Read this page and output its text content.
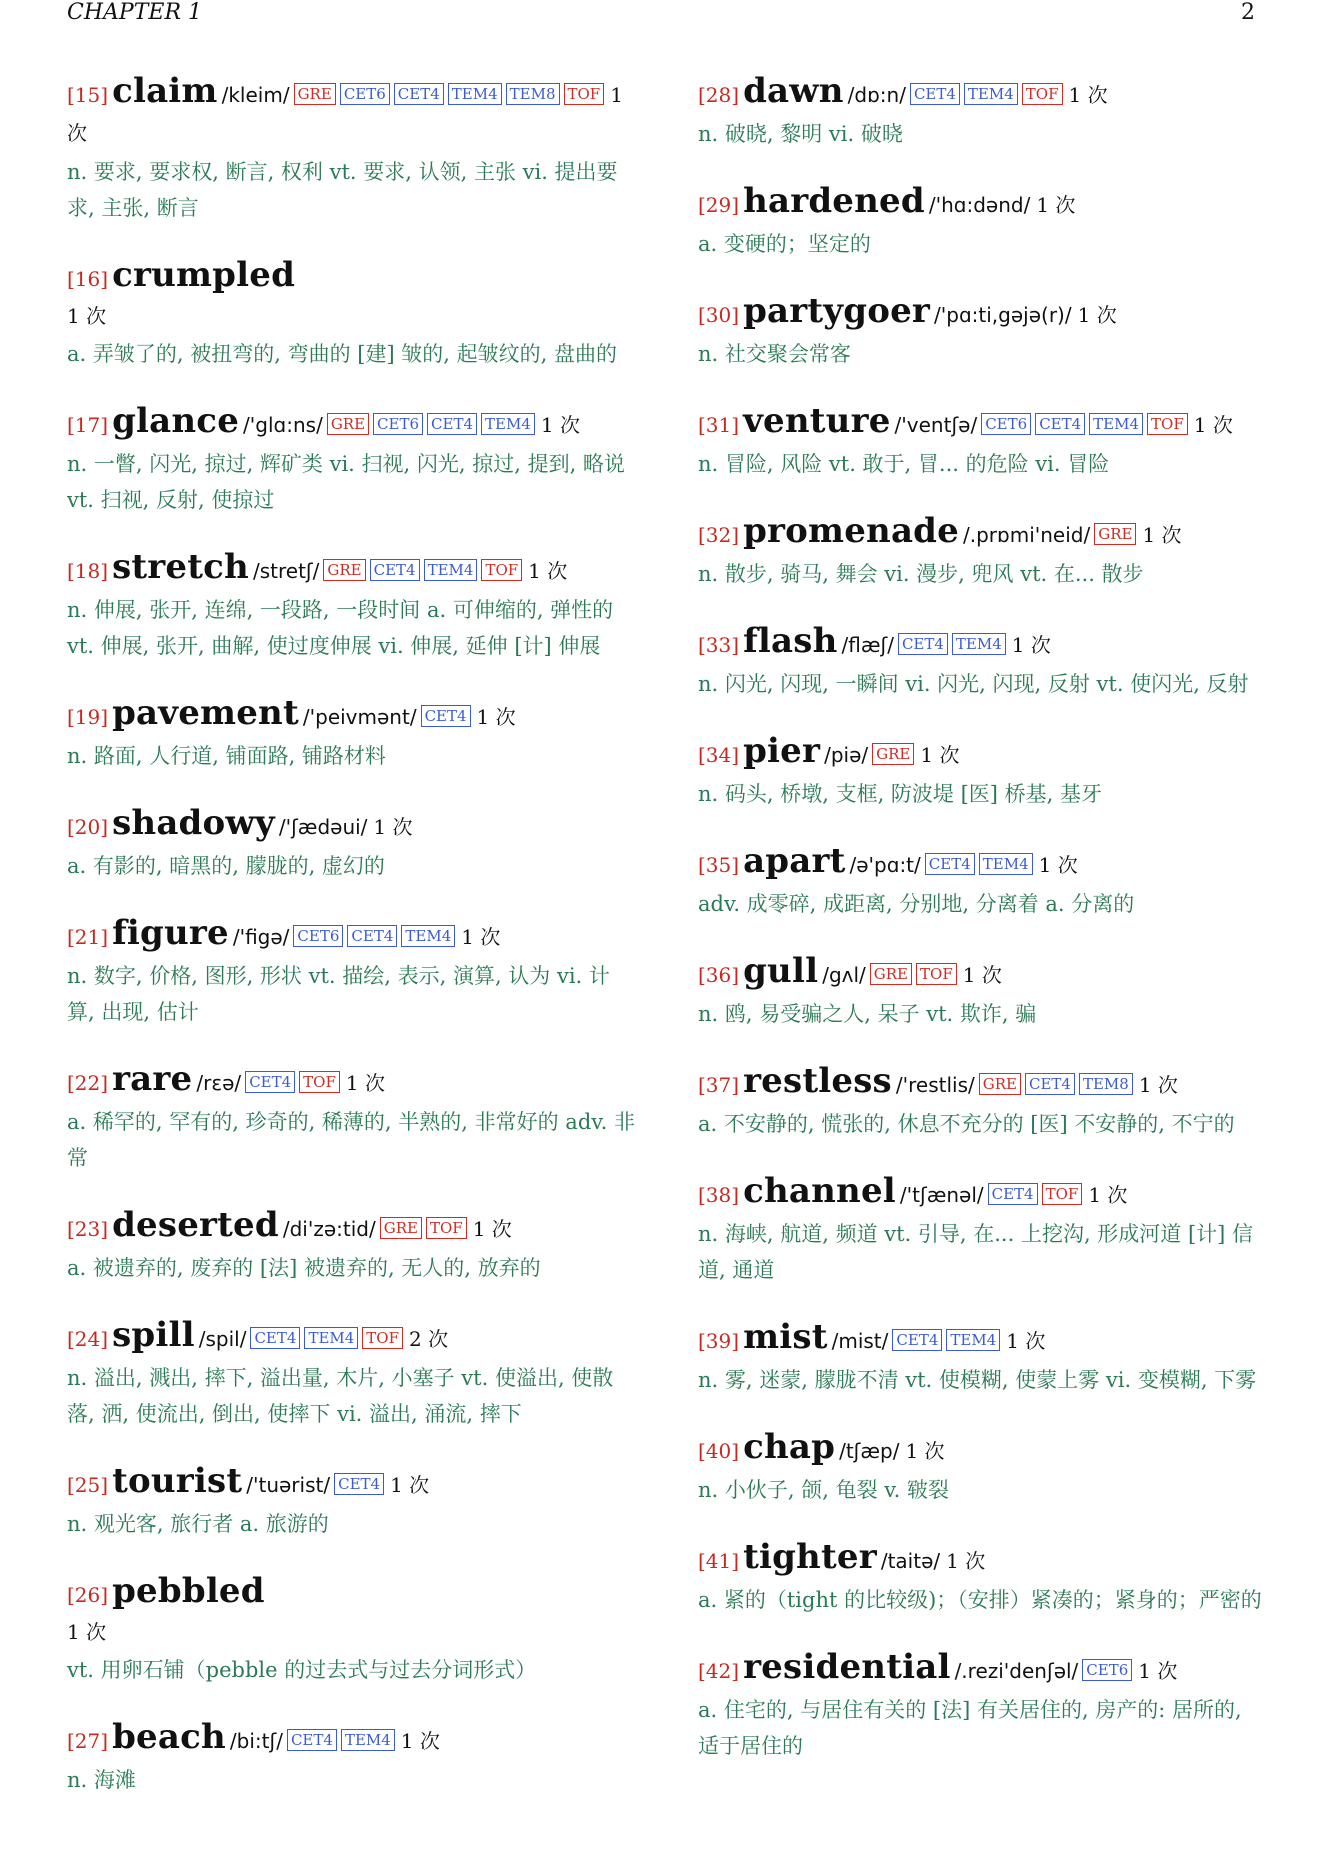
CHAPTER 1	2
[15] claim /kleim/ GRE CET6 CET4 TEM4 TEM8 TOF 1 次
n. 要求, 要求权, 断言, 权利 vt. 要求, 认领, 主张 vi. 提出要求, 主张, 断言
[16] crumpled
1 次
a. 弄皱了的, 被扭弯的, 弯曲的 [建] 皱的, 起皱纹的, 盘曲的
[17] glance /'glɑ:ns/ GRE CET6 CET4 TEM4 1 次
n. 一瞥, 闪光, 掠过, 辉矿类 vi. 扫视, 闪光, 掠过, 提到, 略说 vt. 扫视, 反射, 使掠过
[18] stretch /stretʃ/ GRE CET4 TEM4 TOF 1 次
n. 伸展, 张开, 连绵, 一段路, 一段时间 a. 可伸缩的, 弹性的 vt. 伸展, 张开, 曲解, 使过度伸展 vi. 伸展, 延伸 [计] 伸展
[19] pavement /'peivmənt/ CET4 1 次
n. 路面, 人行道, 铺面路, 铺路材料
[20] shadowy /'ʃædəui/ 1 次
a. 有影的, 暗黑的, 朦胧的, 虚幻的
[21] figure /'figə/ CET6 CET4 TEM4 1 次
n. 数字, 价格, 图形, 形状 vt. 描绘, 表示, 演算, 认为 vi. 计算, 出现, 估计
[22] rare /rεə/ CET4 TOF 1 次
a. 稀罕的, 罕有的, 珍奇的, 稀薄的, 半熟的, 非常好的 adv. 非常
[23] deserted /di'zə:tid/ GRE TOF 1 次
a. 被遗弃的, 废弃的 [法] 被遗弃的, 无人的, 放弃的
[24] spill /spil/ CET4 TEM4 TOF 2 次
n. 溢出, 溅出, 摔下, 溢出量, 木片, 小塞子 vt. 使溢出, 使散落, 洒, 使流出, 倒出, 使摔下 vi. 溢出, 涌流, 摔下
[25] tourist /'tuərist/ CET4 1 次
n. 观光客, 旅行者 a. 旅游的
[26] pebbled
1 次
vt. 用卵石铺（pebble 的过去式与过去分词形式）
[27] beach /bi:tʃ/ CET4 TEM4 1 次
n. 海滩
[28] dawn /dɒ:n/ CET4 TEM4 TOF 1 次
n. 破晓, 黎明 vi. 破晓
[29] hardened /'hɑ:dənd/ 1 次
a. 变硬的；坚定的
[30] partygoer /'pɑ:ti,gəjə(r)/ 1 次
n. 社交聚会常客
[31] venture /'ventʃə/ CET6 CET4 TEM4 TOF 1 次
n. 冒险, 风险 vt. 敢于, 冒... 的危险 vi. 冒险
[32] promenade /.prɒmi'neid/ GRE 1 次
n. 散步, 骑马, 舞会 vi. 漫步, 兜风 vt. 在... 散步
[33] flash /flæʃ/ CET4 TEM4 1 次
n. 闪光, 闪现, 一瞬间 vi. 闪光, 闪现, 反射 vt. 使闪光, 反射
[34] pier /piə/ GRE 1 次
n. 码头, 桥墩, 支框, 防波堤 [医] 桥基, 基牙
[35] apart /ə'pɑ:t/ CET4 TEM4 1 次
adv. 成零碎, 成距离, 分别地, 分离着 a. 分离的
[36] gull /gʌl/ GRE TOF 1 次
n. 鸥, 易受骗之人, 呆子 vt. 欺诈, 骗
[37] restless /'restlis/ GRE CET4 TEM8 1 次
a. 不安静的, 慌张的, 休息不充分的 [医] 不安静的, 不宁的
[38] channel /'tʃænəl/ CET4 TOF 1 次
n. 海峡, 航道, 频道 vt. 引导, 在... 上挖沟, 形成河道 [计] 信道, 通道
[39] mist /mist/ CET4 TEM4 1 次
n. 雾, 迷蒙, 朦胧不清 vt. 使模糊, 使蒙上雾 vi. 变模糊, 下雾
[40] chap /tʃæp/ 1 次
n. 小伙子, 颌, 龟裂 v. 皲裂
[41] tighter /taitə/ 1 次
a. 紧的（tight 的比较级)；（安排）紧凑的；紧身的；严密的
[42] residential /.rezi'denʃəl/ CET6 1 次
a. 住宅的, 与居住有关的 [法] 有关居住的, 房产的: 居所的, 适于居住的
